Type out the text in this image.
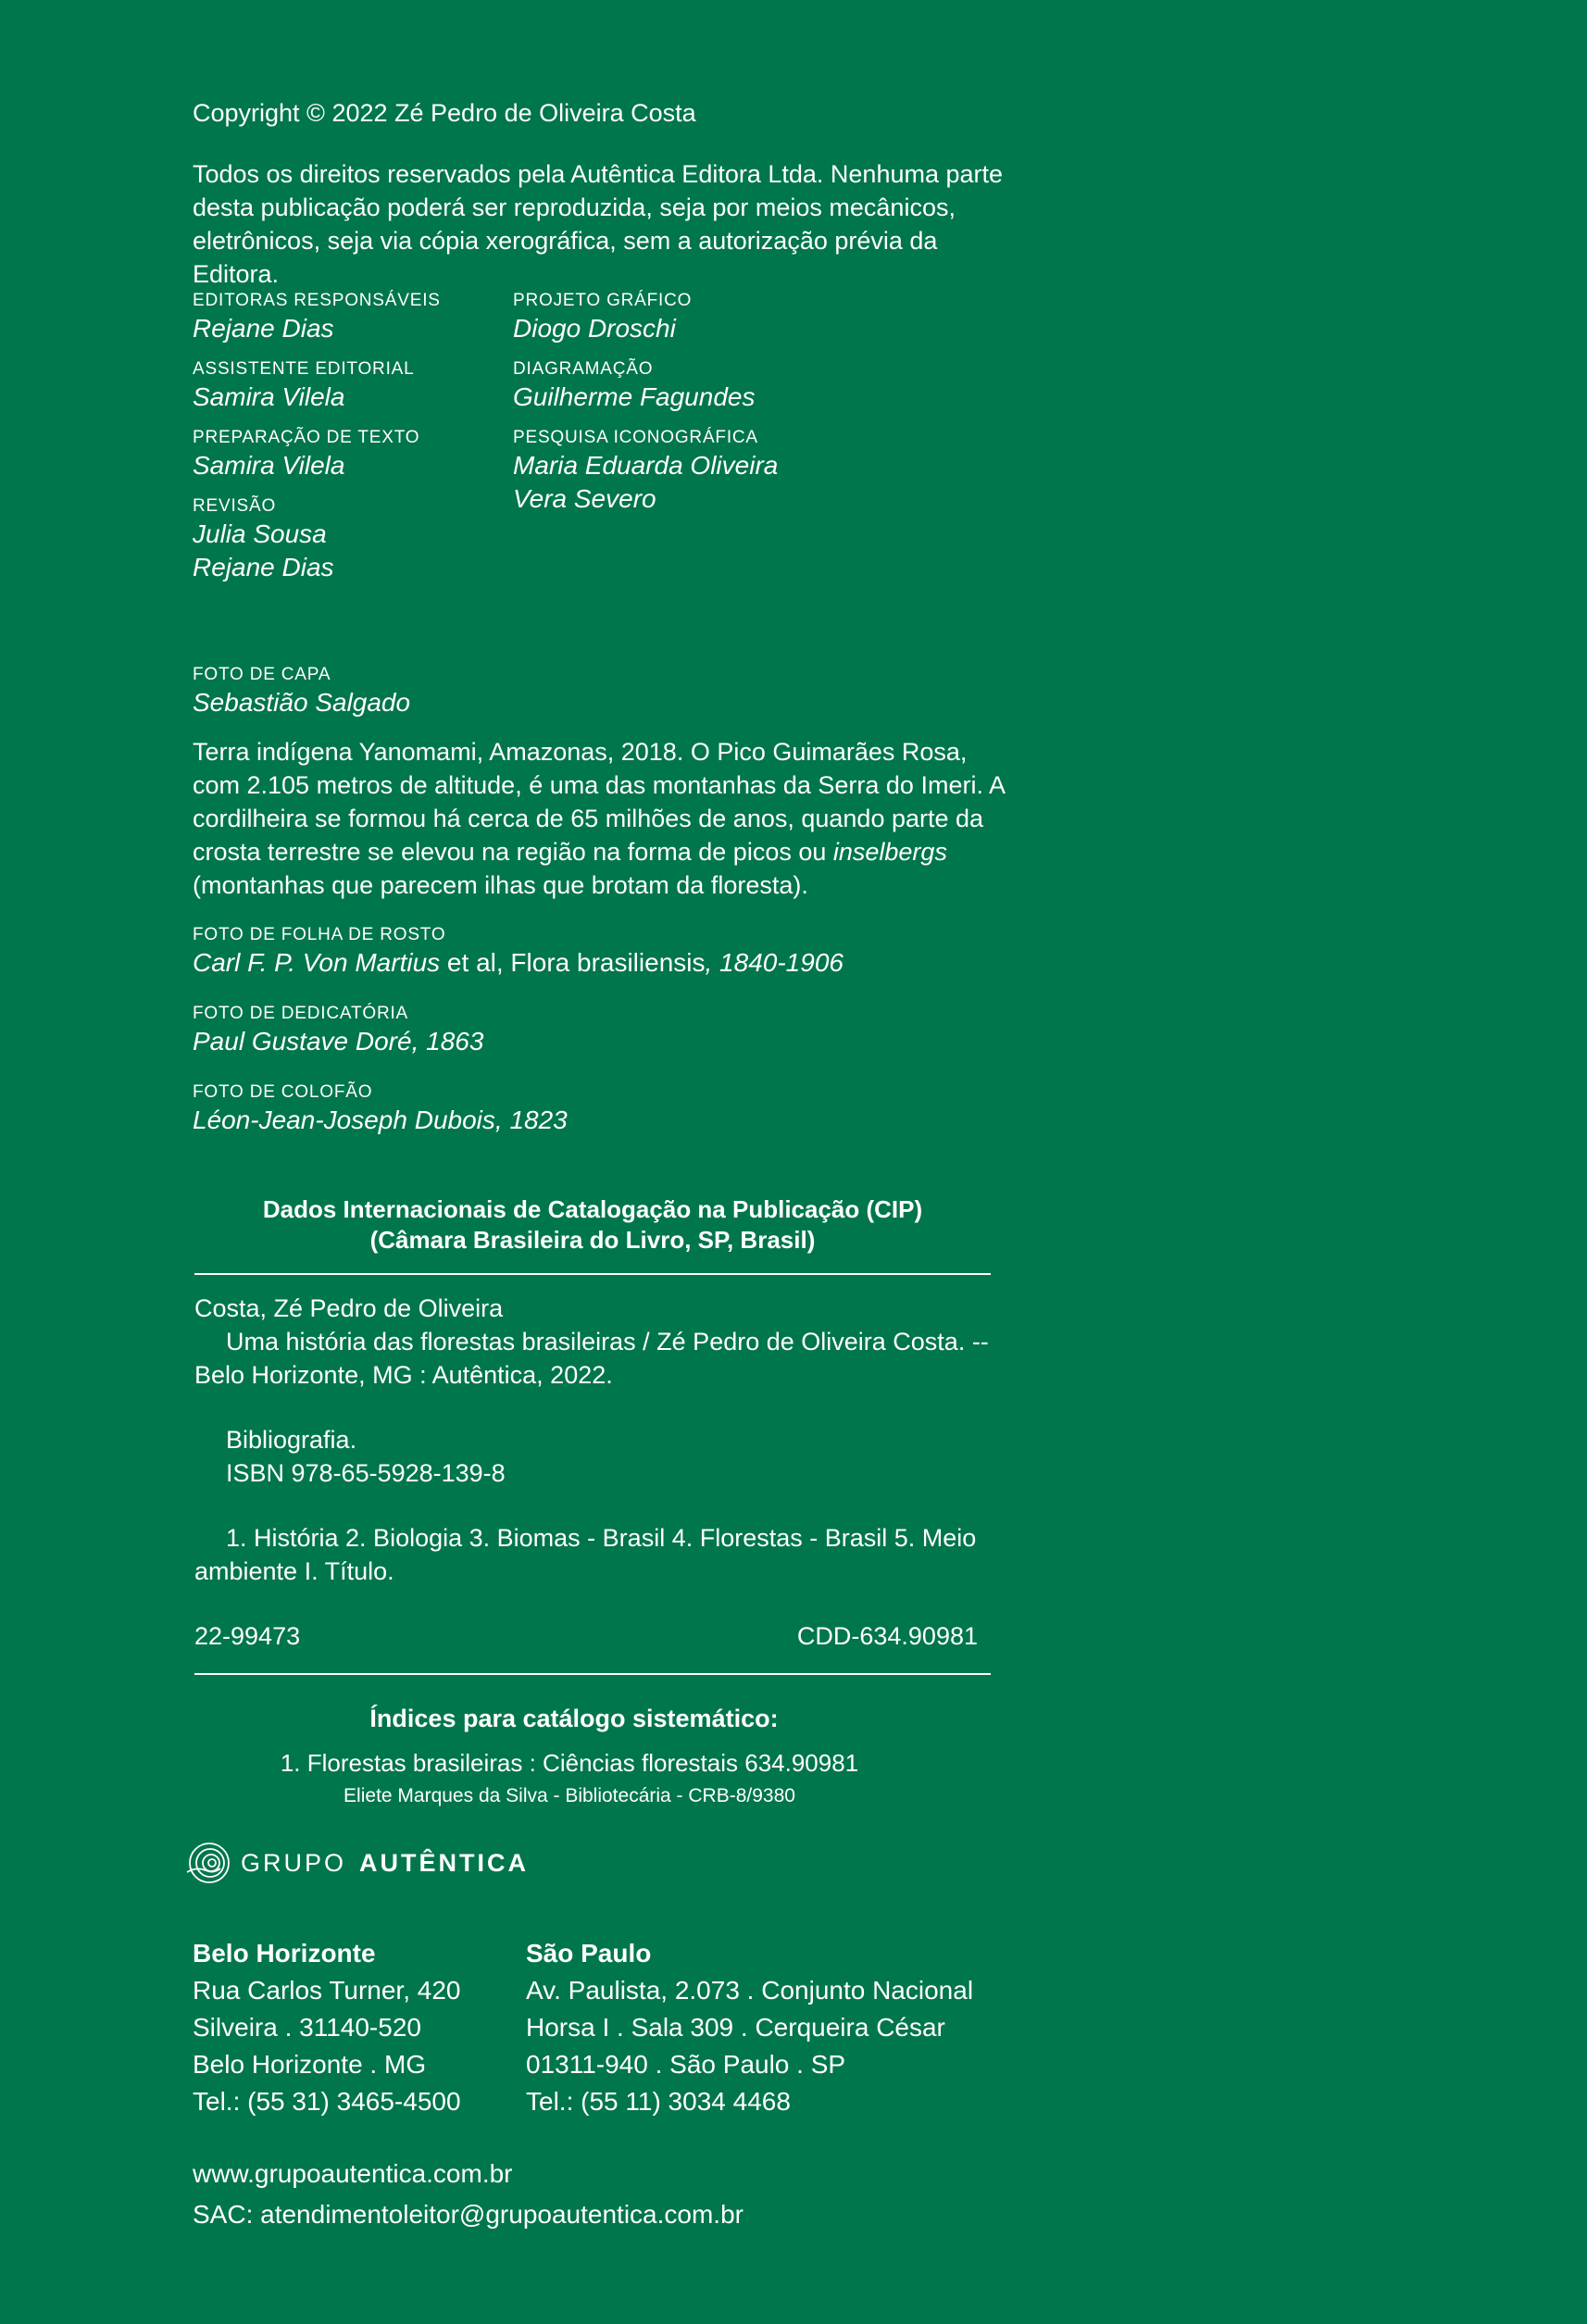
Copyright © 2022 Zé Pedro de Oliveira Costa

Todos os direitos reservados pela Autêntica Editora Ltda. Nenhuma parte desta publicação poderá ser reproduzida, seja por meios mecânicos, eletrônicos, seja via cópia xerográfica, sem a autorização prévia da Editora.

EDITORAS RESPONSÁVEIS
Rejane Dias
ASSISTENTE EDITORIAL
Samira Vilela
PREPARAÇÃO DE TEXTO
Samira Vilela
REVISÃO
Julia Sousa
Rejane Dias
PROJETO GRÁFICO
Diogo Droschi
DIAGRAMAÇÃO
Guilherme Fagundes
PESQUISA ICONOGRÁFICA
Maria Eduarda Oliveira
Vera Severo
FOTO DE CAPA
Sebastião Salgado

Terra indígena Yanomami, Amazonas, 2018. O Pico Guimarães Rosa, com 2.105 metros de altitude, é uma das montanhas da Serra do Imeri. A cordilheira se formou há cerca de 65 milhões de anos, quando parte da crosta terrestre se elevou na região na forma de picos ou inselbergs (montanhas que parecem ilhas que brotam da floresta).

FOTO DE FOLHA DE ROSTO
Carl F. P. Von Martius et al, Flora brasiliensis, 1840-1906
FOTO DE DEDICATÓRIA
Paul Gustave Doré, 1863
FOTO DE COLOFÃO
Léon-Jean-Joseph Dubois, 1823
Dados Internacionais de Catalogação na Publicação (CIP)
(Câmara Brasileira do Livro, SP, Brasil)
Costa, Zé Pedro de Oliveira
Uma história das florestas brasileiras / Zé Pedro de Oliveira Costa. --
Belo Horizonte, MG : Autêntica, 2022.
Bibliografia.
ISBN 978-65-5928-139-8
1. História 2. Biologia 3. Biomas - Brasil 4. Florestas - Brasil 5. Meio
ambiente I. Título.
22-99473	CDD-634.90981
Índices para catálogo sistemático:
1. Florestas brasileiras : Ciências florestais 634.90981
Eliete Marques da Silva - Bibliotecária - CRB-8/9380
GRUPO AUTÊNTICA
Belo Horizonte
Rua Carlos Turner, 420
Silveira . 31140-520
Belo Horizonte . MG
Tel.: (55 31) 3465-4500
São Paulo
Av. Paulista, 2.073 . Conjunto Nacional
Horsa I . Sala 309 . Cerqueira César
01311-940 . São Paulo . SP
Tel.: (55 11) 3034 4468
www.grupoautentica.com.br
SAC: atendimentoleitor@grupoautentica.com.br
